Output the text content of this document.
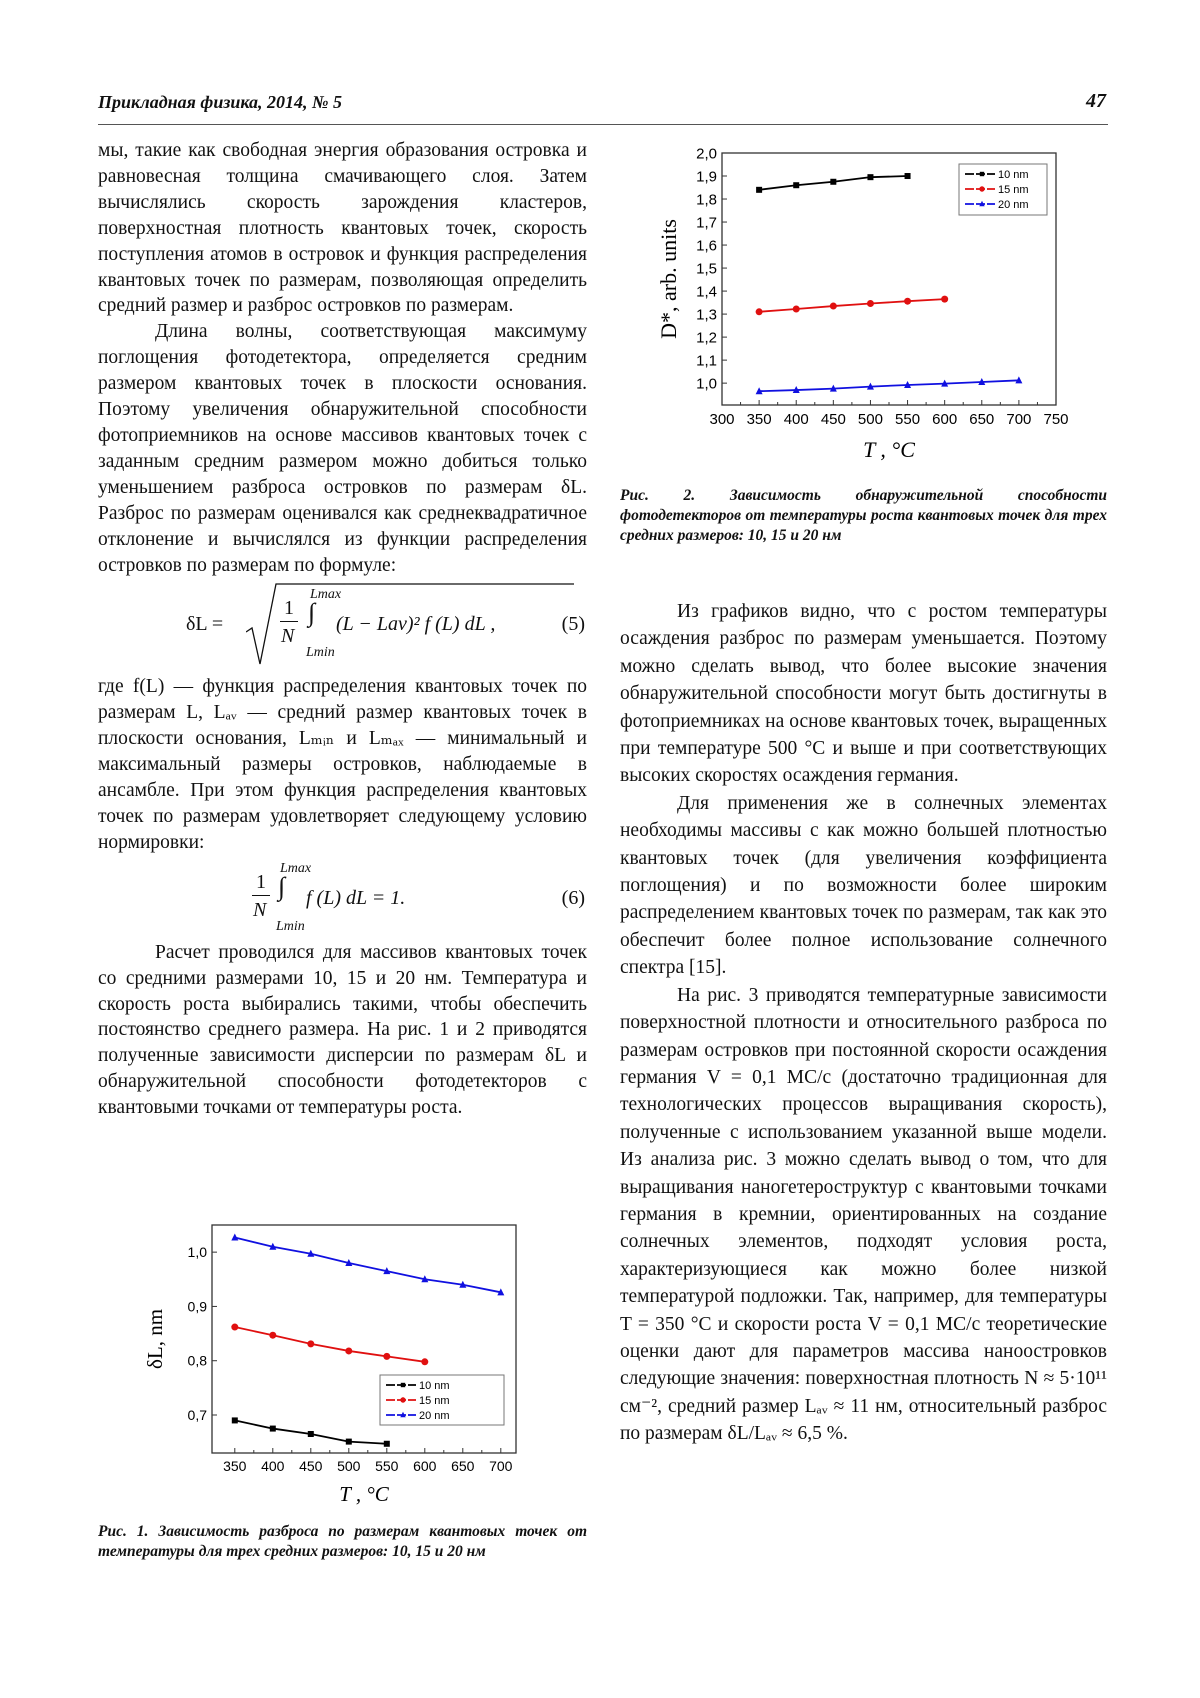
Прикладная физика, 2014, № 5	47

мы, такие как свободная энергия образования островка и равновесная толщина смачивающего слоя. Затем вычислялись скорость зарождения кластеров, поверхностная плотность квантовых точек, скорость поступления атомов в островок и функция распределения квантовых точек по размерам, позволяющая определить средний размер и разброс островков по размерам.

Длина волны, соответствующая максимуму поглощения фотодетектора, определяется средним размером квантовых точек в плоскости основания. Поэтому увеличения обнаружительной способности фотоприемников на основе массивов квантовых точек с заданным средним размером можно добиться только уменьшением разброса островков по размерам δL. Разброс по размерам оценивался как среднеквадратичное отклонение и вычислялся из функции распределения островков по размерам по формуле:

δL =
1
N
Lmax
∫
Lmin
(L − Lav)² f (L) dL ,	(5)

где f(L) — функция распределения квантовых точек по размерам L, Lₐᵥ — средний размер квантовых точек в плоскости основания, Lₘᵢₙ и Lₘₐₓ — минимальный и максимальный размеры островков, наблюдаемые в ансамбле. При этом функция распределения квантовых точек по размерам удовлетворяет следующему условию нормировки:

1
N
Lmax
∫
Lmin
f (L) dL = 1.	(6)

Расчет проводился для массивов квантовых точек со средними размерами 10, 15 и 20 нм. Температура и скорость роста выбирались такими, чтобы обеспечить постоянство среднего размера. На рис. 1 и 2 приводятся полученные зависимости дисперсии по размерам δL и обнаружительной способности фотодетекторов с квантовыми точками от температуры роста.

350 400 450 500 550 600 650 700
0,7
0,8
0,9
1,0
10 nm
15 nm
20 nm
T , °C
δL, nm
Рис. 1. Зависимость разброса по размерам квантовых точек от температуры для трех средних размеров: 10, 15 и 20 нм
300 350 400 450 500 550 600 650 700 750
1,0
1,1
1,2
1,3
1,4
1,5
1,6
1,7
1,8
1,9
2,0
10 nm
15 nm
20 nm
T , °C
D*, arb. units
Рис. 2. Зависимость обнаружительной способности фотодетекторов от температуры роста квантовых точек для трех средних размеров: 10, 15 и 20 нм

Из графиков видно, что с ростом температуры осаждения разброс по размерам уменьшается. Поэтому можно сделать вывод, что более высокие значения обнаружительной способности могут быть достигнуты в фотоприемниках на основе квантовых точек, выращенных при температуре 500 °C и выше и при соответствующих высоких скоростях осаждения германия.

Для применения же в солнечных элементах необходимы массивы с как можно большей плотностью квантовых точек (для увеличения коэффициента поглощения) и по возможности более широким распределением квантовых точек по размерам, так как это обеспечит более полное использование солнечного спектра [15].

На рис. 3 приводятся температурные зависимости поверхностной плотности и относительного разброса по размерам островков при постоянной скорости осаждения германия V = 0,1 МС/с (достаточно традиционная для технологических процессов выращивания скорость), полученные с использованием указанной выше модели. Из анализа рис. 3 можно сделать вывод о том, что для выращивания наногетероструктур с квантовыми точками германия в кремнии, ориентированных на создание солнечных элементов, подходят условия роста, характеризующиеся как можно более низкой температурой подложки. Так, например, для температуры T = 350 °C и скорости роста V = 0,1 МС/с теоретические оценки дают для параметров массива наноостровков следующие значения: поверхностная плотность N ≈ 5·10¹¹ см⁻², средний размер Lₐᵥ ≈ 11 нм, относительный разброс по размерам δL/Lₐᵥ ≈ 6,5 %.
